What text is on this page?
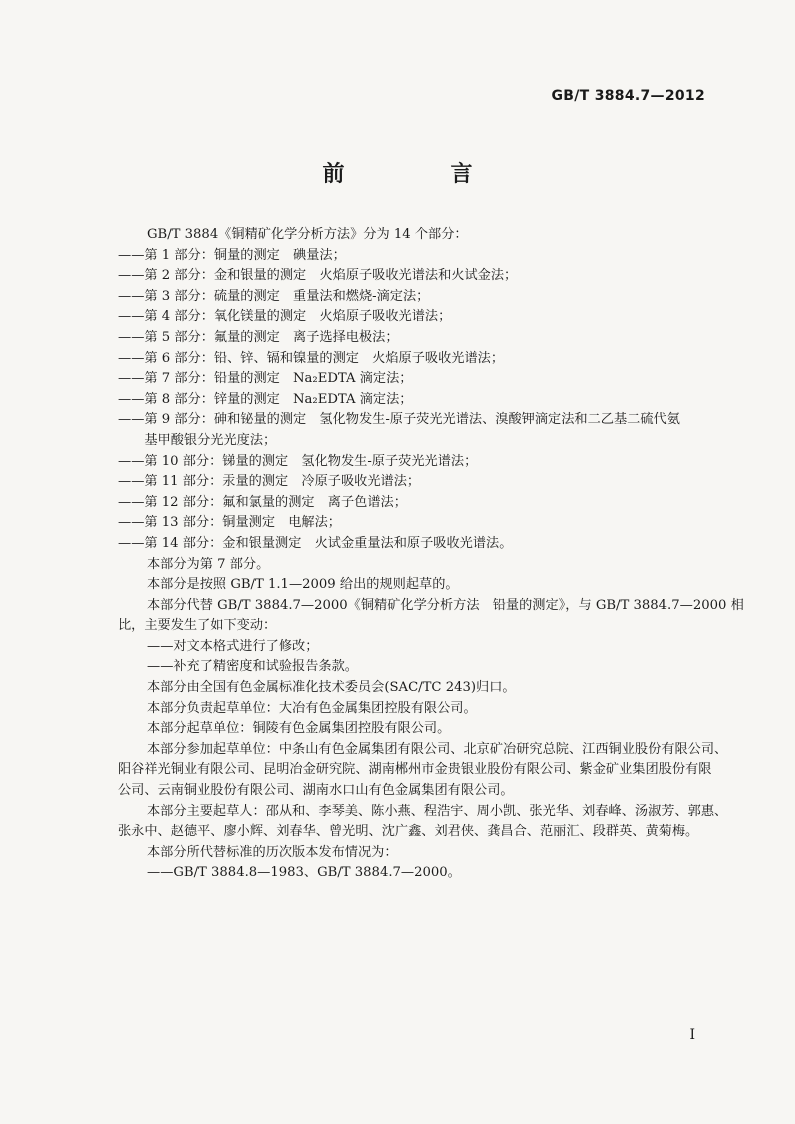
GB/T 3884.7—2012
前　言

GB/T 3884《铜精矿化学分析方法》分为 14 个部分：

——第 1 部分：铜量的测定　碘量法；

——第 2 部分：金和银量的测定　火焰原子吸收光谱法和火试金法；

——第 3 部分：硫量的测定　重量法和燃烧-滴定法；

——第 4 部分：氧化镁量的测定　火焰原子吸收光谱法；

——第 5 部分：氟量的测定　离子选择电极法；

——第 6 部分：铅、锌、镉和镍量的测定　火焰原子吸收光谱法；

——第 7 部分：铅量的测定　Na₂EDTA 滴定法；

——第 8 部分：锌量的测定　Na₂EDTA 滴定法；

——第 9 部分：砷和铋量的测定　氢化物发生-原子荧光光谱法、溴酸钾滴定法和二乙基二硫代氨

　　基甲酸银分光光度法；

——第 10 部分：锑量的测定　氢化物发生-原子荧光光谱法；

——第 11 部分：汞量的测定　冷原子吸收光谱法；

——第 12 部分：氟和氯量的测定　离子色谱法；

——第 13 部分：铜量测定　电解法；

——第 14 部分：金和银量测定　火试金重量法和原子吸收光谱法。

本部分为第 7 部分。

本部分是按照 GB/T 1.1—2009 给出的规则起草的。

本部分代替 GB/T 3884.7—2000《铜精矿化学分析方法　铅量的测定》，与 GB/T 3884.7—2000 相

比，主要发生了如下变动：

——对文本格式进行了修改；

——补充了精密度和试验报告条款。

本部分由全国有色金属标准化技术委员会(SAC/TC 243)归口。

本部分负责起草单位：大冶有色金属集团控股有限公司。

本部分起草单位：铜陵有色金属集团控股有限公司。

本部分参加起草单位：中条山有色金属集团有限公司、北京矿冶研究总院、江西铜业股份有限公司、

阳谷祥光铜业有限公司、昆明冶金研究院、湖南郴州市金贵银业股份有限公司、紫金矿业集团股份有限

公司、云南铜业股份有限公司、湖南水口山有色金属集团有限公司。

本部分主要起草人：邵从和、李琴美、陈小燕、程浩宇、周小凯、张光华、刘春峰、汤淑芳、郭惠、

张永中、赵德平、廖小辉、刘春华、曾光明、沈广鑫、刘君侠、龚昌合、范丽汇、段群英、黄菊梅。

本部分所代替标准的历次版本发布情况为：

——GB/T 3884.8—1983、GB/T 3884.7—2000。

I
